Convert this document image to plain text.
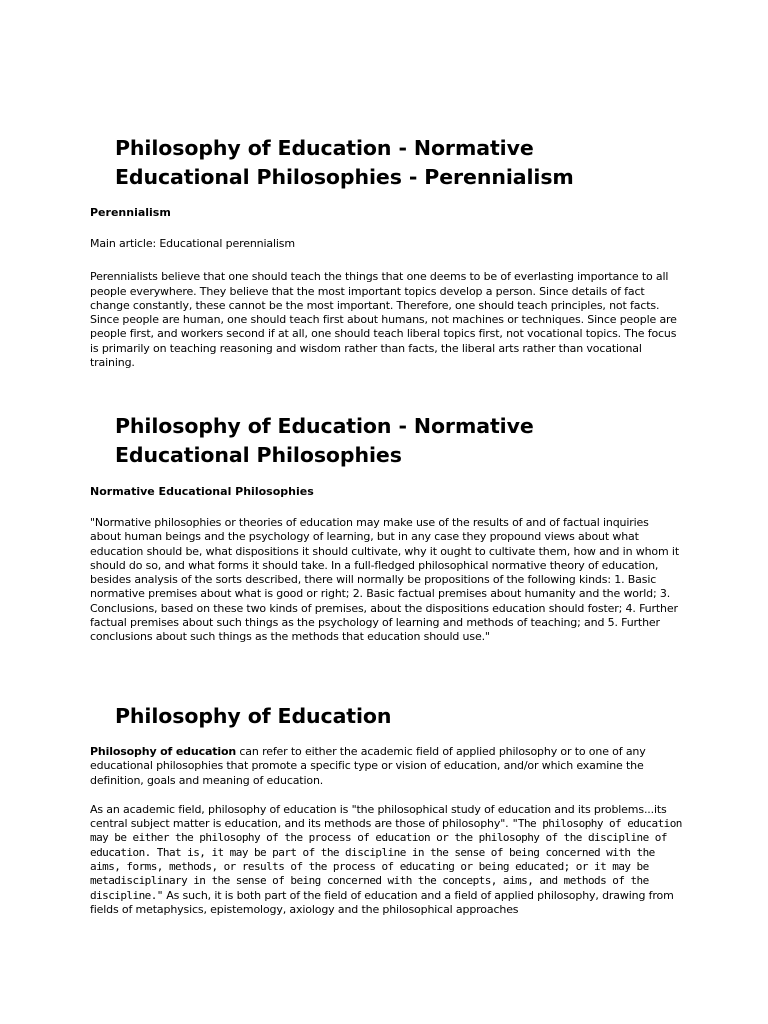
Philosophy of Education - Normative
Educational Philosophies - Perennialism
Perennialism
Main article: Educational perennialism

Perennialists believe that one should teach the things that one deems to be of everlasting importance to all people everywhere. They believe that the most important topics develop a person. Since details of fact change constantly, these cannot be the most important. Therefore, one should teach principles, not facts. Since people are human, one should teach first about humans, not machines or techniques. Since people are people first, and workers second if at all, one should teach liberal topics first, not vocational topics. The focus is primarily on teaching reasoning and wisdom rather than facts, the liberal arts rather than vocational training.

Philosophy of Education - Normative
Educational Philosophies
Normative Educational Philosophies

"Normative philosophies or theories of education may make use of the results of and of factual inquiries about human beings and the psychology of learning, but in any case they propound views about what education should be, what dispositions it should cultivate, why it ought to cultivate them, how and in whom it should do so, and what forms it should take. In a full-fledged philosophical normative theory of education, besides analysis of the sorts described, there will normally be propositions of the following kinds: 1. Basic normative premises about what is good or right; 2. Basic factual premises about humanity and the world; 3. Conclusions, based on these two kinds of premises, about the dispositions education should foster; 4. Further factual premises about such things as the psychology of learning and methods of teaching; and 5. Further conclusions about such things as the methods that education should use."

Philosophy of Education

Philosophy of education can refer to either the academic field of applied philosophy or to one of any educational philosophies that promote a specific type or vision of education, and/or which examine the definition, goals and meaning of education.

As an academic field, philosophy of education is "the philosophical study of education and its problems...its central subject matter is education, and its methods are those of philosophy". "The philosophy of education may be either the philosophy of the process of education or the philosophy of the discipline of education. That is, it may be part of the discipline in the sense of being concerned with the aims, forms, methods, or results of the process of educating or being educated; or it may be metadisciplinary in the sense of being concerned with the concepts, aims, and methods of the discipline." As such, it is both part of the field of education and a field of applied philosophy, drawing from fields of metaphysics, epistemology, axiology and the philosophical approaches
